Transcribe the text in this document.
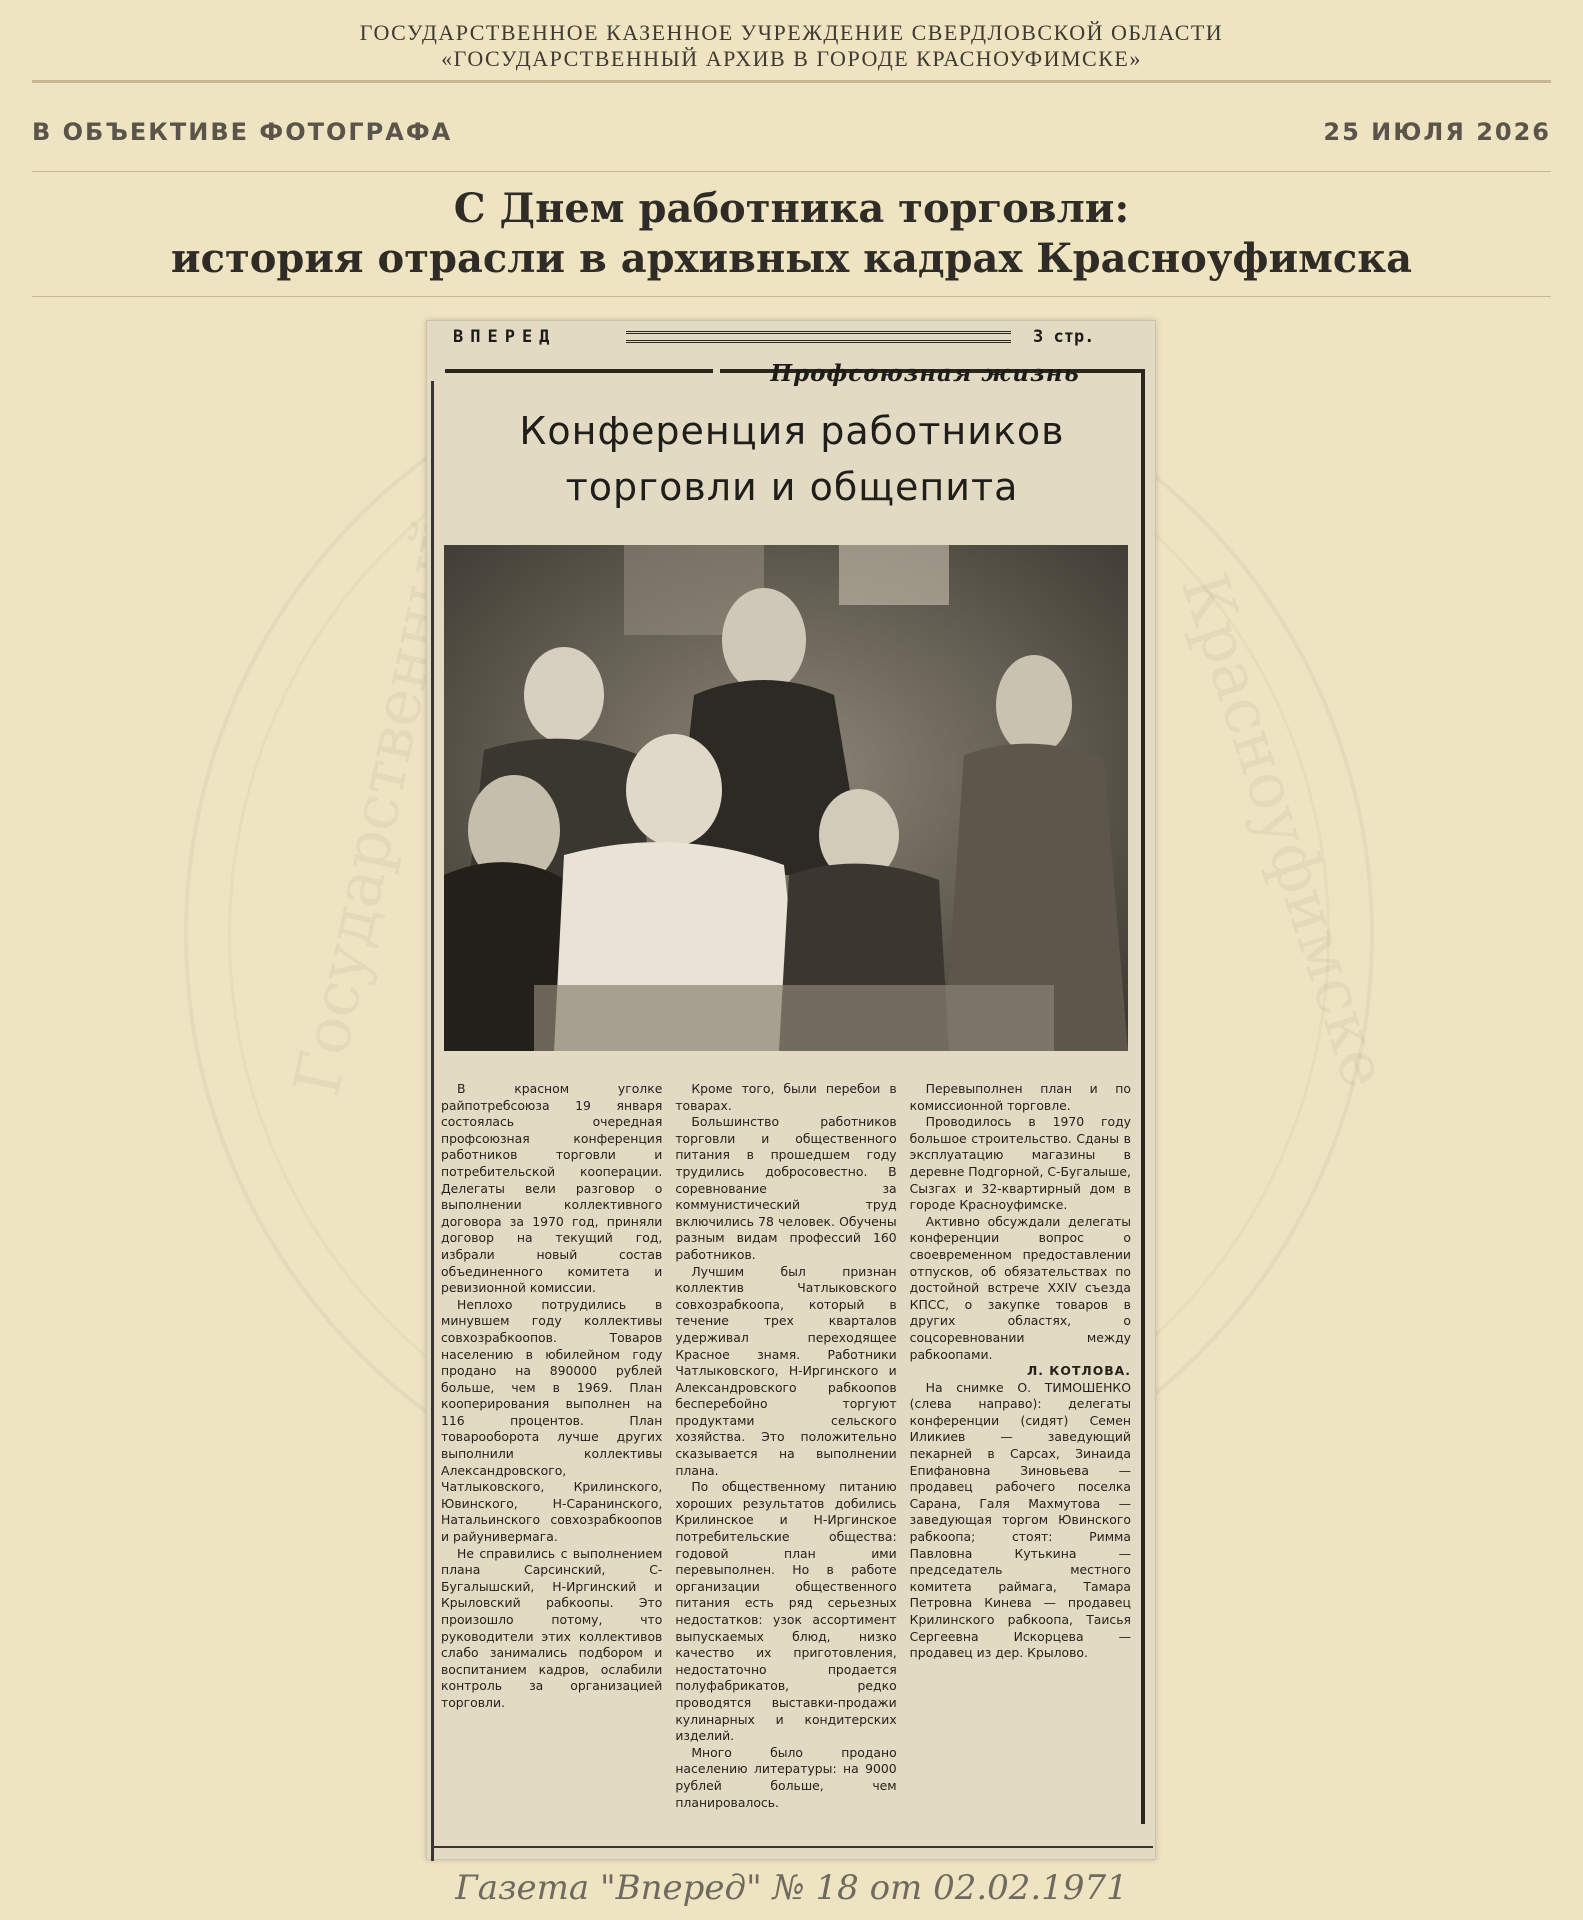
Государственный	Красноуфимске
ГОСУДАРСТВЕННОЕ КАЗЕННОЕ УЧРЕЖДЕНИЕ СВЕРДЛОВСКОЙ ОБЛАСТИ
«ГОСУДАРСТВЕННЫЙ АРХИВ В ГОРОДЕ КРАСНОУФИМСКЕ»
В ОБЪЕКТИВЕ ФОТОГРАФА	25 ИЮЛЯ 2026
С Днем работника торговли:
история отрасли в архивных кадрах Красноуфимска
ВПЕРЕД	3 стр.
Профсоюзная жизнь
Конференция работников
торговли и общепита

В красном уголке райпотребсоюза 19 января состоялась очередная профсоюзная конференция работников торговли и потребительской кооперации. Делегаты вели разговор о выполнении коллективного договора за 1970 год, приняли договор на текущий год, избрали новый состав объединенного комитета и ревизионной комиссии.

Неплохо потрудились в минувшем году коллективы совхозрабкоопов. Товаров населению в юбилейном году продано на 890000 рублей больше, чем в 1969. План кооперирования выполнен на 116 процентов. План товарооборота лучше других выполнили коллективы Александровского, Чатлыковского, Крилинского, Ювинского, Н-Саранинского, Натальинского совхозрабкоопов и райунивермага.

Не справились с выполнением плана Сарсинский, С-Бугалышский, Н-Иргинский и Крыловский рабкоопы. Это произошло потому, что руководители этих коллективов слабо занимались подбором и воспитанием кадров, ослабили контроль за организацией торговли.

Кроме того, были перебои в товарах.

Большинство работников торговли и общественного питания в прошедшем году трудились добросовестно. В соревнование за коммунистический труд включились 78 человек. Обучены разным видам профессий 160 работников.

Лучшим был признан коллектив Чатлыковского совхозрабкоопа, который в течение трех кварталов удерживал переходящее Красное знамя. Работники Чатлыковского, Н-Иргинского и Александровского рабкоопов бесперебойно торгуют продуктами сельского хозяйства. Это положительно сказывается на выполнении плана.

По общественному питанию хороших результатов добились Крилинское и Н-Иргинское потребительские общества: годовой план ими перевыполнен. Но в работе организации общественного питания есть ряд серьезных недостатков: узок ассортимент выпускаемых блюд, низко качество их приготовления, недостаточно продается полуфабрикатов, редко проводятся выставки-продажи кулинарных и кондитерских изделий.

Много было продано населению литературы: на 9000 рублей больше, чем планировалось.

Перевыполнен план и по комиссионной торговле.

Проводилось в 1970 году большое строительство. Сданы в эксплуатацию магазины в деревне Подгорной, С-Бугалыше, Сызгах и 32-квартирный дом в городе Красноуфимске.

Активно обсуждали делегаты конференции вопрос о своевременном предоставлении отпусков, об обязательствах по достойной встрече XXIV съезда КПСС, о закупке товаров в других областях, о соцсоревновании между рабкоопами.

Л. КОТЛОВА.

На снимке О. ТИМОШЕНКО (слева направо): делегаты конференции (сидят) Семен Иликиев — заведующий пекарней в Сарсах, Зинаида Епифановна Зиновьева — продавец рабочего поселка Сарана, Галя Махмутова — заведующая торгом Ювинского рабкоопа; стоят: Римма Павловна Кутькина — председатель местного комитета раймага, Тамара Петровна Кинева — продавец Крилинского рабкоопа, Таисья Сергеевна Искорцева — продавец из дер. Крылово.

Газета "Вперед" № 18 от 02.02.1971
